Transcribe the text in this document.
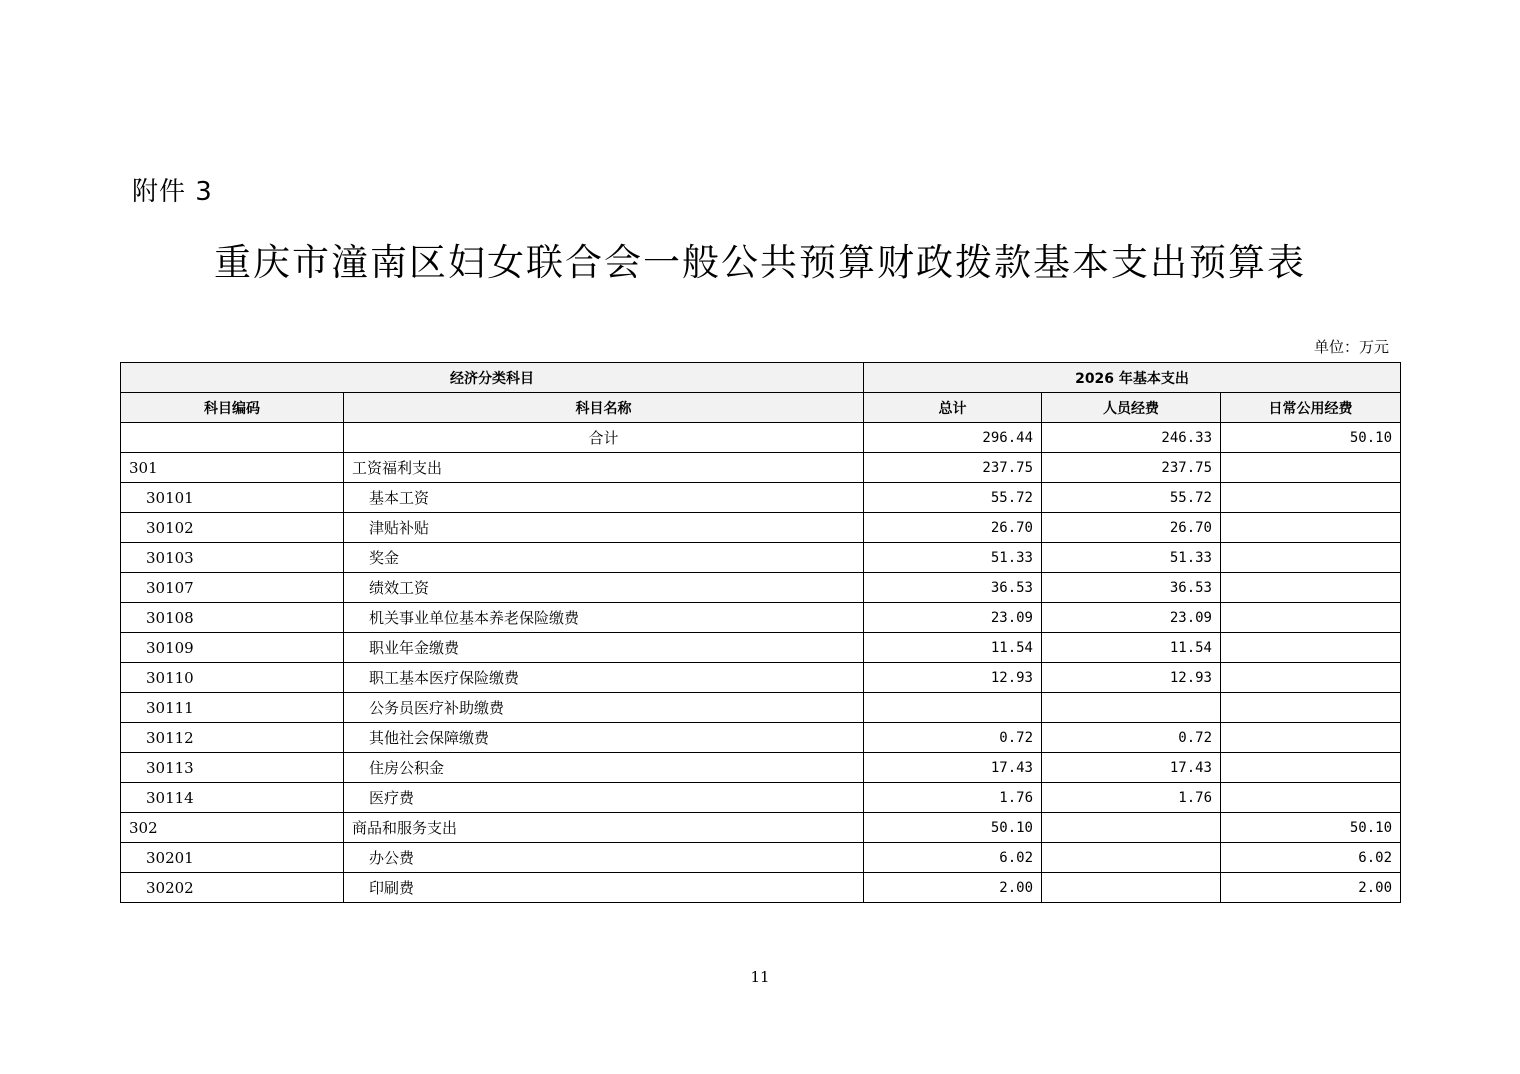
附件 3
重庆市潼南区妇女联合会一般公共预算财政拨款基本支出预算表
单位：万元
经济分类科目		2026 年基本支出		
科目编码	科目名称	总计	人员经费	日常公用经费
	合计	296.44	246.33	50.10
301	工资福利支出	237.75	237.75	
30101	基本工资	55.72	55.72	
30102	津贴补贴	26.70	26.70	
30103	奖金	51.33	51.33	
30107	绩效工资	36.53	36.53	
30108	机关事业单位基本养老保险缴费	23.09	23.09	
30109	职业年金缴费	11.54	11.54	
30110	职工基本医疗保险缴费	12.93	12.93	
30111	公务员医疗补助缴费			
30112	其他社会保障缴费	0.72	0.72	
30113	住房公积金	17.43	17.43	
30114	医疗费	1.76	1.76	
302	商品和服务支出	50.10		50.10
30201	办公费	6.02		6.02
30202	印刷费	2.00		2.00
11
